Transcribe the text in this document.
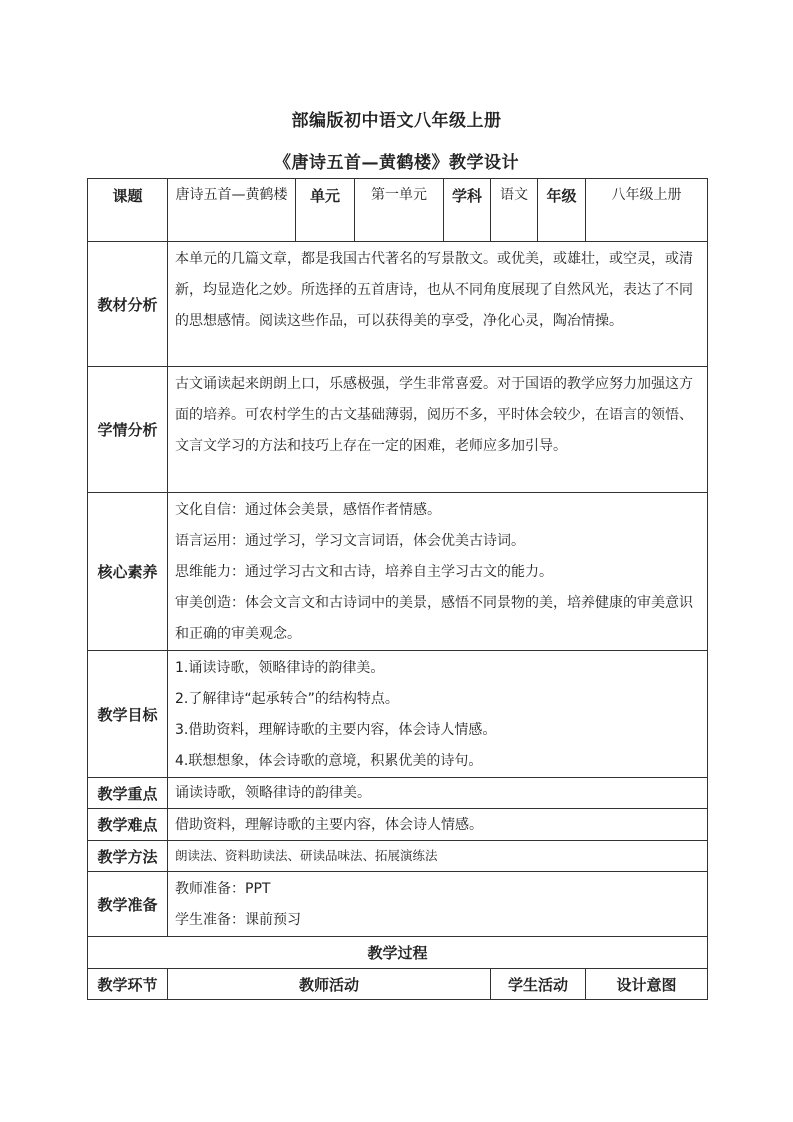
部编版初中语文八年级上册
《唐诗五首—黄鹤楼》教学设计
课题	唐诗五首—黄鹤楼	单元	第一单元	学科	语文	年级	八年级上册
教材分析	本单元的几篇文章，都是我国古代著名的写景散文。或优美，或雄壮，或空灵，或清新，均显造化之妙。所选择的五首唐诗，也从不同角度展现了自然风光，表达了不同的思想感情。阅读这些作品，可以获得美的享受，净化心灵，陶冶情操。						
学情分析	古文诵读起来朗朗上口，乐感极强，学生非常喜爱。对于国语的教学应努力加强这方面的培养。可农村学生的古文基础薄弱，阅历不多，平时体会较少，在语言的领悟、文言文学习的方法和技巧上存在一定的困难，老师应多加引导。						
核心素养	文化自信：通过体会美景，感悟作者情感。
语言运用：通过学习，学习文言词语，体会优美古诗词。
思维能力：通过学习古文和古诗，培养自主学习古文的能力。
审美创造：体会文言文和古诗词中的美景，感悟不同景物的美，培养健康的审美意识和正确的审美观念。						

教学目标	1.诵读诗歌，领略律诗的韵律美。
2.了解律诗“起承转合”的结构特点。
3.借助资料，理解诗歌的主要内容，体会诗人情感。
4.联想想象，体会诗歌的意境，积累优美的诗句。						

教学重点	诵读诗歌，领略律诗的韵律美。						
教学难点	借助资料，理解诗歌的主要内容，体会诗人情感。						
教学方法	朗读法、资料助读法、研读品味法、拓展演练法						
教学准备	教师准备：PPT
学生准备：课前预习						

教学过程							
教学环节	教师活动				学生活动		设计意图
